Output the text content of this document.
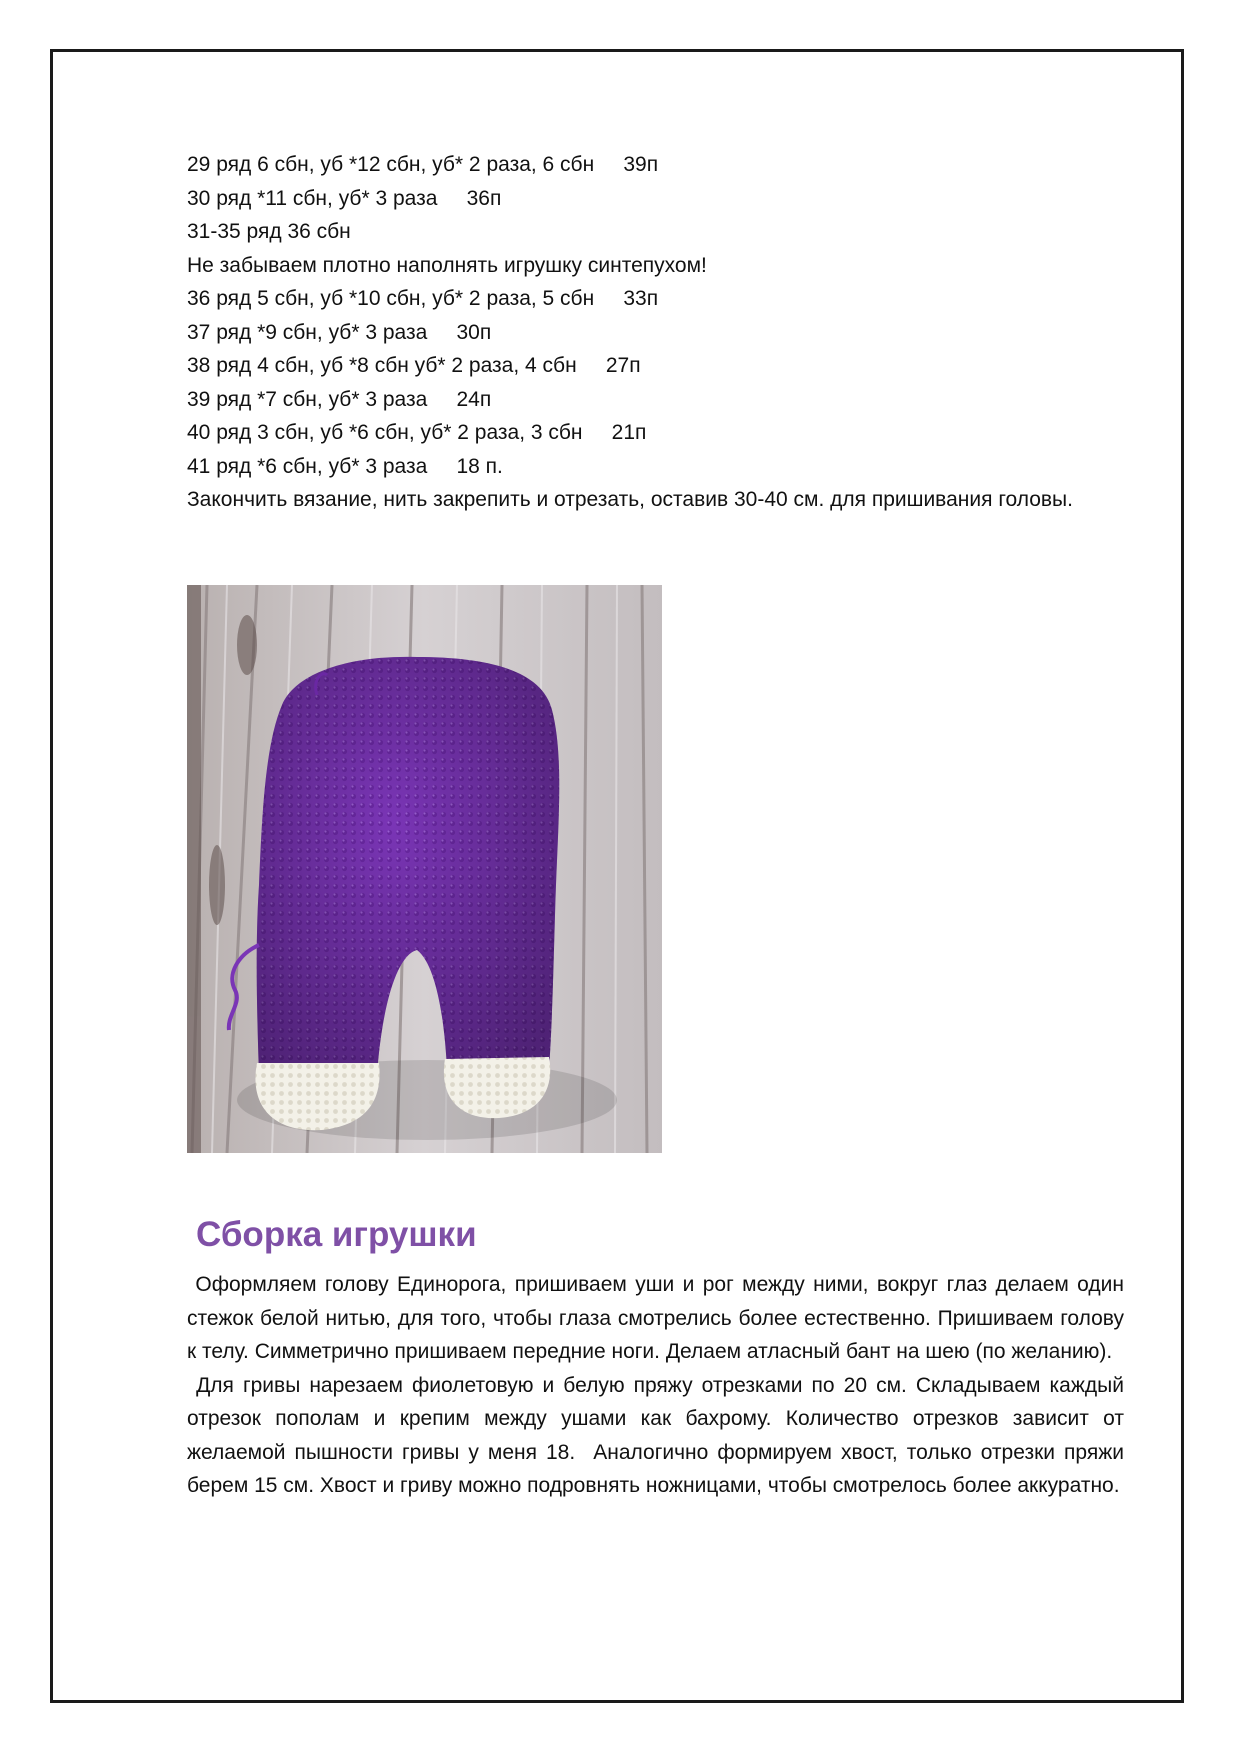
29 ряд 6 сбн, уб *12 сбн, уб* 2 раза, 6 сбн     39п
30 ряд *11 сбн, уб* 3 раза     36п
31-35 ряд 36 сбн
Не забываем плотно наполнять игрушку синтепухом!
36 ряд 5 сбн, уб *10 сбн, уб* 2 раза, 5 сбн     33п
37 ряд *9 сбн, уб* 3 раза     30п
38 ряд 4 сбн, уб *8 сбн уб* 2 раза, 4 сбн     27п
39 ряд *7 сбн, уб* 3 раза     24п
40 ряд 3 сбн, уб *6 сбн, уб* 2 раза, 3 сбн     21п
41 ряд *6 сбн, уб* 3 раза     18 п.
Закончить вязание, нить закрепить и отрезать, оставив 30-40 см. для пришивания головы.
Сборка игрушки
Оформляем голову Единорога, пришиваем уши и рог между ними, вокруг глаз делаем один стежок белой нитью, для того, чтобы глаза смотрелись более естественно. Пришиваем голову к телу. Симметрично пришиваем передние ноги. Делаем атласный бант на шею (по желанию).
Для гривы нарезаем фиолетовую и белую пряжу отрезками по 20 см. Складываем каждый отрезок пополам и крепим между ушами как бахрому. Количество отрезков зависит от желаемой пышности гривы у меня 18.  Аналогично формируем хвост, только отрезки пряжи берем 15 см. Хвост и гриву можно подровнять ножницами, чтобы смотрелось более аккуратно.
